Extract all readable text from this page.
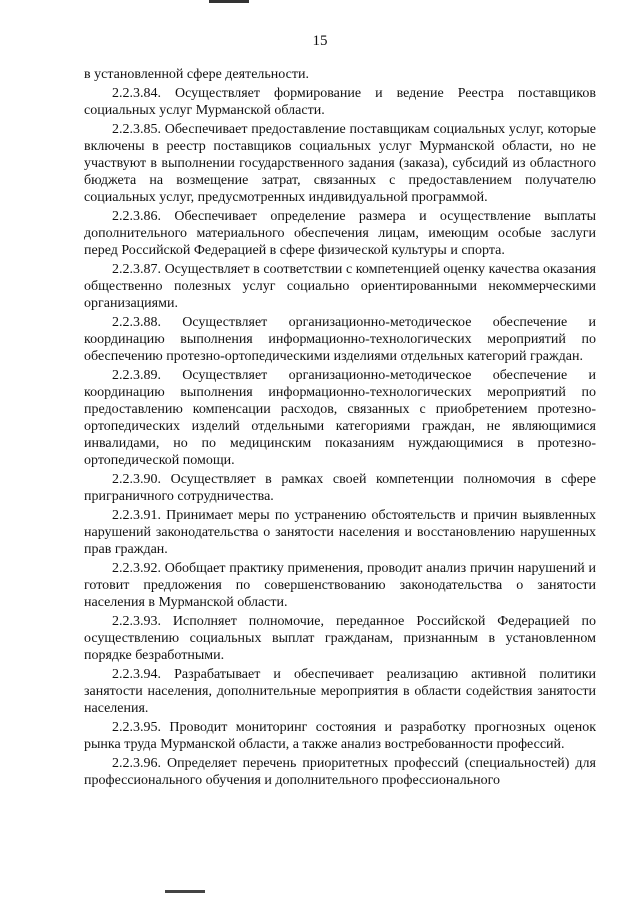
15

в установленной сфере деятельности.

2.2.3.84. Осуществляет формирование и ведение Реестра поставщиков социальных услуг Мурманской области.

2.2.3.85. Обеспечивает предоставление поставщикам социальных услуг, которые включены в реестр поставщиков социальных услуг Мурманской области, но не участвуют в выполнении государственного задания (заказа), субсидий из областного бюджета на возмещение затрат, связанных с предоставлением получателю социальных услуг, предусмотренных индивидуальной программой.

2.2.3.86. Обеспечивает определение размера и осуществление выплаты дополнительного материального обеспечения лицам, имеющим особые заслуги перед Российской Федерацией в сфере физической культуры и спорта.

2.2.3.87. Осуществляет в соответствии с компетенцией оценку качества оказания общественно полезных услуг социально ориентированными некоммерческими организациями.

2.2.3.88. Осуществляет организационно-методическое обеспечение и координацию выполнения информационно-технологических мероприятий по обеспечению протезно-ортопедическими изделиями отдельных категорий граждан.

2.2.3.89. Осуществляет организационно-методическое обеспечение и координацию выполнения информационно-технологических мероприятий по предоставлению компенсации расходов, связанных с приобретением протезно-ортопедических изделий отдельными категориями граждан, не являющимися инвалидами, но по медицинским показаниям нуждающимися в протезно-ортопедической помощи.

2.2.3.90. Осуществляет в рамках своей компетенции полномочия в сфере приграничного сотрудничества.

2.2.3.91. Принимает меры по устранению обстоятельств и причин выявленных нарушений законодательства о занятости населения и восстановлению нарушенных прав граждан.

2.2.3.92. Обобщает практику применения, проводит анализ причин нарушений и готовит предложения по совершенствованию законодательства о занятости населения в Мурманской области.

2.2.3.93. Исполняет полномочие, переданное Российской Федерацией по осуществлению социальных выплат гражданам, признанным в установленном порядке безработными.

2.2.3.94. Разрабатывает и обеспечивает реализацию активной политики занятости населения, дополнительные мероприятия в области содействия занятости населения.

2.2.3.95. Проводит мониторинг состояния и разработку прогнозных оценок рынка труда Мурманской области, а также анализ востребованности профессий.

2.2.3.96. Определяет перечень приоритетных профессий (специальностей) для профессионального обучения и дополнительного профессионального
